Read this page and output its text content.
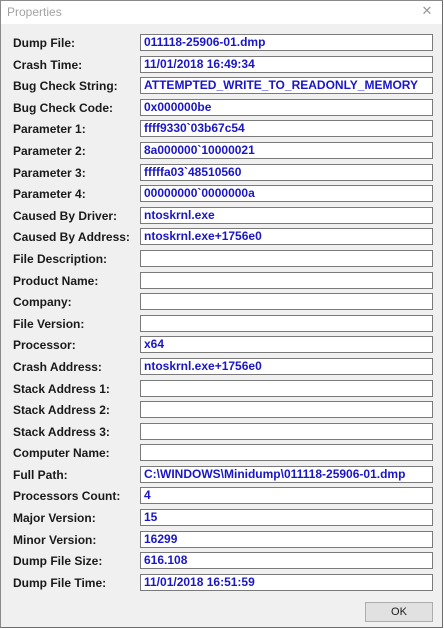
Properties	✕
Dump File:	011118-25906-01.dmp
Crash Time:	11/01/2018 16:49:34
Bug Check String:	ATTEMPTED_WRITE_TO_READONLY_MEMORY
Bug Check Code:	0x000000be
Parameter 1:	ffff9330`03b67c54
Parameter 2:	8a000000`10000021
Parameter 3:	fffffa03`48510560
Parameter 4:	00000000`0000000a
Caused By Driver:	ntoskrnl.exe
Caused By Address:	ntoskrnl.exe+1756e0
File Description:
Product Name:
Company:
File Version:
Processor:	x64
Crash Address:	ntoskrnl.exe+1756e0
Stack Address 1:
Stack Address 2:
Stack Address 3:
Computer Name:
Full Path:	C:\WINDOWS\Minidump\011118-25906-01.dmp
Processors Count:	4
Major Version:	15
Minor Version:	16299
Dump File Size:	616.108
Dump File Time:	11/01/2018 16:51:59
OK
